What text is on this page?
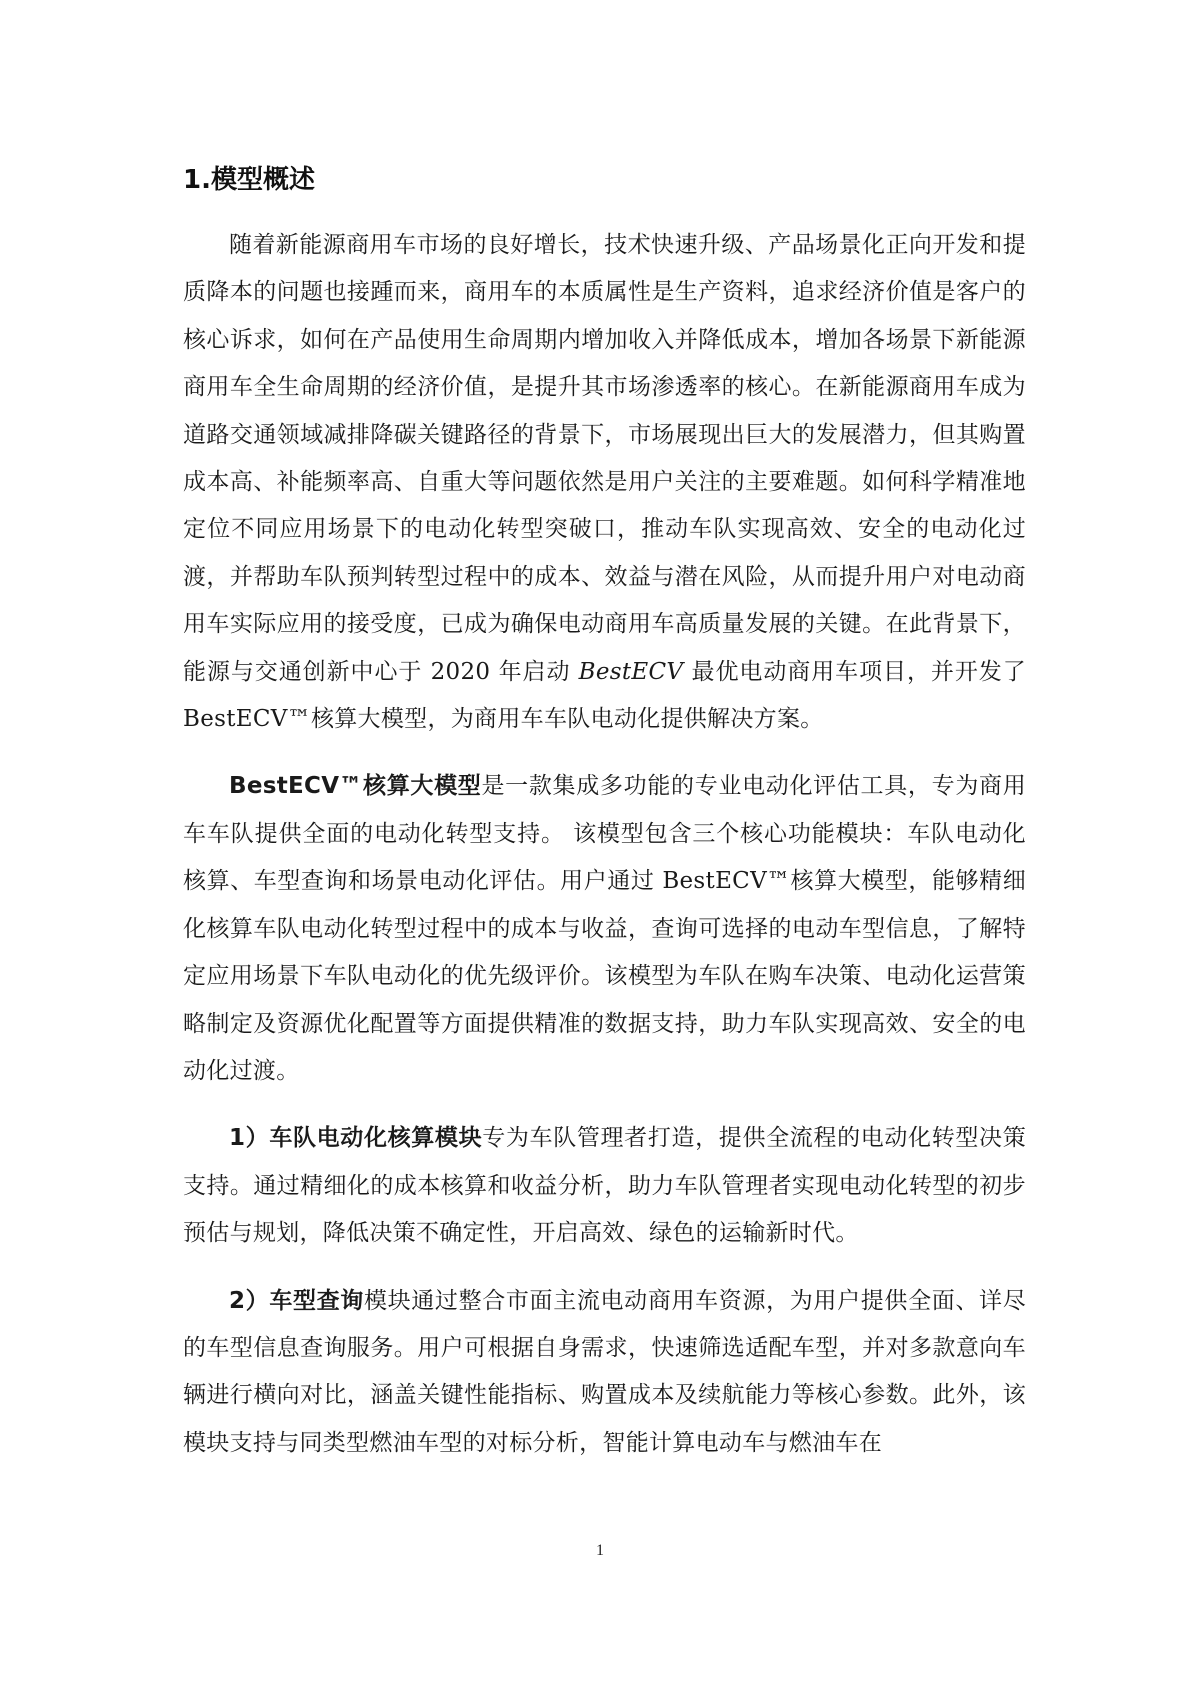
1.模型概述

随着新能源商用车市场的良好增长，技术快速升级、产品场景化正向开发和提质降本的问题也接踵而来，商用车的本质属性是生产资料，追求经济价值是客户的核心诉求，如何在产品使用生命周期内增加收入并降低成本，增加各场景下新能源商用车全生命周期的经济价值，是提升其市场渗透率的核心。在新能源商用车成为道路交通领域减排降碳关键路径的背景下，市场展现出巨大的发展潜力，但其购置成本高、补能频率高、自重大等问题依然是用户关注的主要难题。如何科学精准地定位不同应用场景下的电动化转型突破口，推动车队实现高效、安全的电动化过渡，并帮助车队预判转型过程中的成本、效益与潜在风险，从而提升用户对电动商用车实际应用的接受度，已成为确保电动商用车高质量发展的关键。在此背景下，能源与交通创新中心于 2020 年启动 BestECV 最优电动商用车项目，并开发了BestECV™核算大模型，为商用车车队电动化提供解决方案。

BestECV™核算大模型是一款集成多功能的专业电动化评估工具，专为商用车车队提供全面的电动化转型支持。 该模型包含三个核心功能模块：车队电动化核算、车型查询和场景电动化评估。用户通过 BestECV™核算大模型，能够精细化核算车队电动化转型过程中的成本与收益，查询可选择的电动车型信息，了解特定应用场景下车队电动化的优先级评价。该模型为车队在购车决策、电动化运营策略制定及资源优化配置等方面提供精准的数据支持，助力车队实现高效、安全的电动化过渡。

1）车队电动化核算模块专为车队管理者打造，提供全流程的电动化转型决策支持。通过精细化的成本核算和收益分析，助力车队管理者实现电动化转型的初步预估与规划，降低决策不确定性，开启高效、绿色的运输新时代。

2）车型查询模块通过整合市面主流电动商用车资源，为用户提供全面、详尽的车型信息查询服务。用户可根据自身需求，快速筛选适配车型，并对多款意向车辆进行横向对比，涵盖关键性能指标、购置成本及续航能力等核心参数。此外，该模块支持与同类型燃油车型的对标分析，智能计算电动车与燃油车在

1
